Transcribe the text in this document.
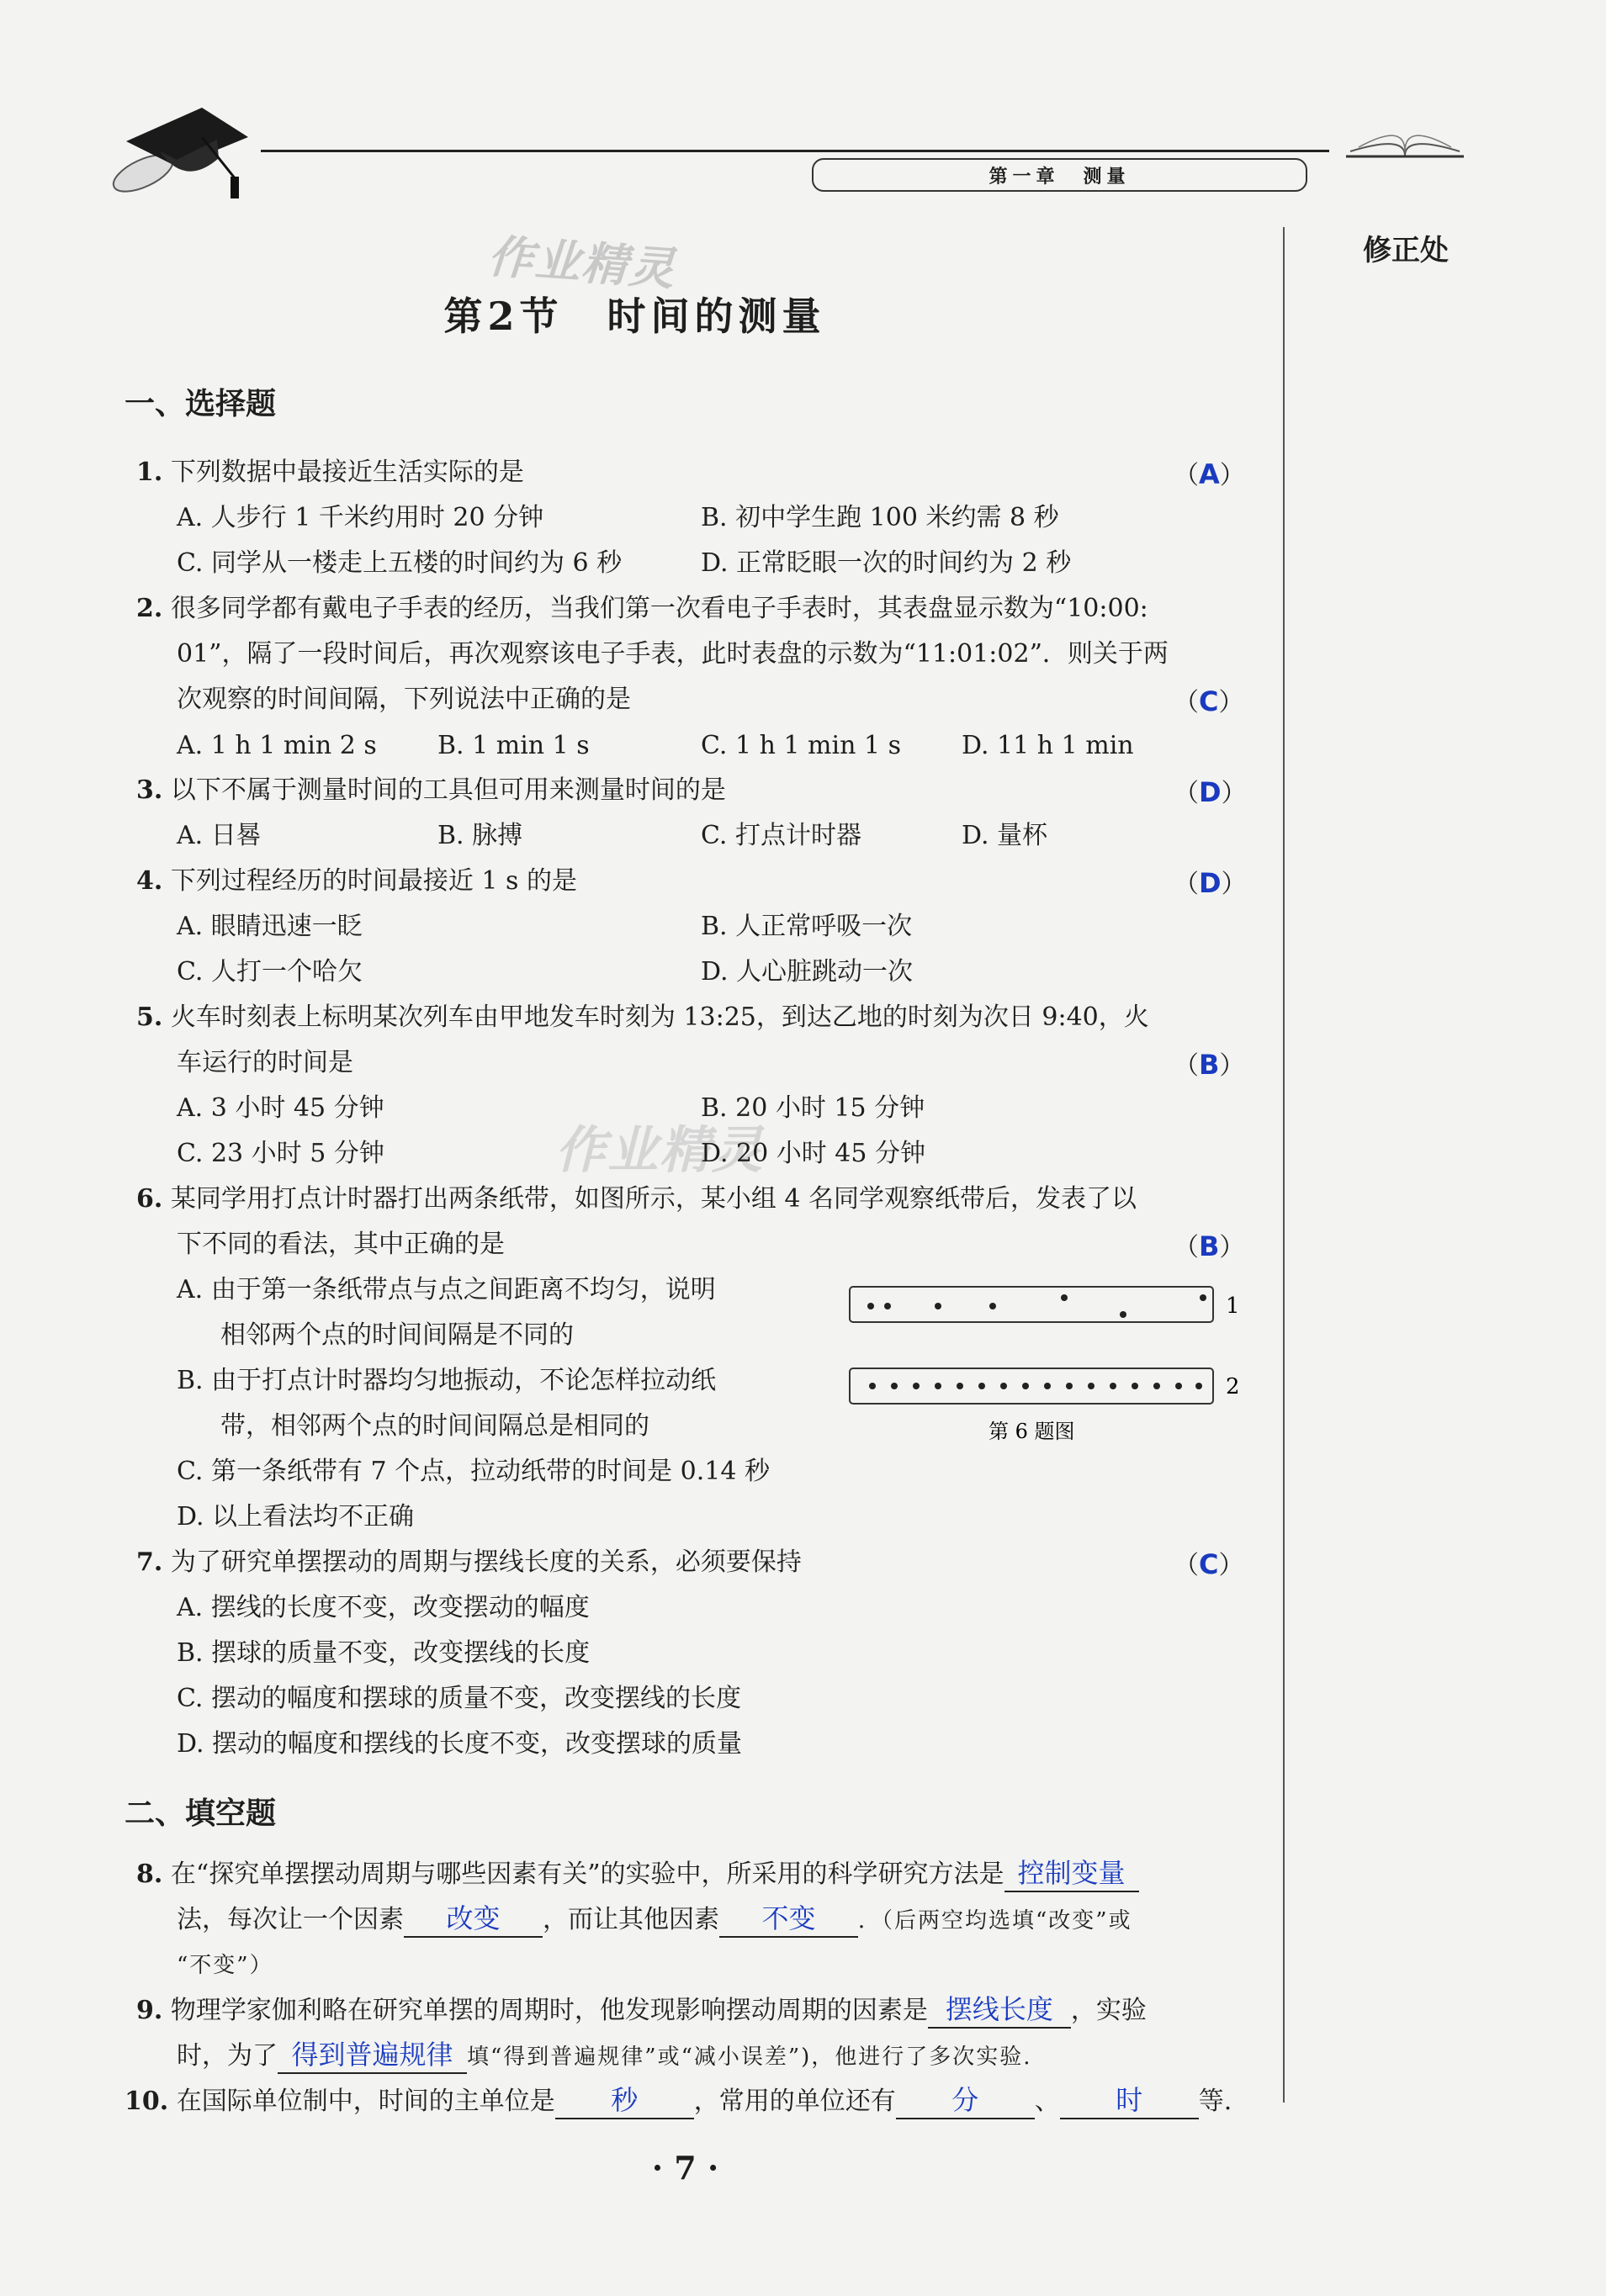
第一章　测量
修正处
作业精灵
作业精灵
第2节　时间的测量
一、选择题
1. 下列数据中最接近生活实际的是	（A）
A. 人步行 1 千米约用时 20 分钟	B. 初中学生跑 100 米约需 8 秒
C. 同学从一楼走上五楼的时间约为 6 秒	D. 正常眨眼一次的时间约为 2 秒
2. 很多同学都有戴电子手表的经历，当我们第一次看电子手表时，其表盘显示数为“10:00:
01”，隔了一段时间后，再次观察该电子手表，此时表盘的示数为“11:01:02”．则关于两
次观察的时间间隔，下列说法中正确的是	（C）
A. 1 h 1 min 2 s B. 1 min 1 s	C. 1 h 1 min 1 s D. 11 h 1 min
3. 以下不属于测量时间的工具但可用来测量时间的是	（D）
A. 日晷	B. 脉搏	C. 打点计时器	D. 量杯
4. 下列过程经历的时间最接近 1 s 的是	（D）
A. 眼睛迅速一眨	B. 人正常呼吸一次
C. 人打一个哈欠	D. 人心脏跳动一次
5. 火车时刻表上标明某次列车由甲地发车时刻为 13:25，到达乙地的时刻为次日 9:40，火
车运行的时间是	（B）
A. 3 小时 45 分钟	B. 20 小时 15 分钟
C. 23 小时 5 分钟	D. 20 小时 45 分钟
6. 某同学用打点计时器打出两条纸带，如图所示，某小组 4 名同学观察纸带后，发表了以
下不同的看法，其中正确的是	（B）
A. 由于第一条纸带点与点之间距离不均匀，说明
相邻两个点的时间间隔是不同的
B. 由于打点计时器均匀地振动，不论怎样拉动纸
带，相邻两个点的时间间隔总是相同的
C. 第一条纸带有 7 个点，拉动纸带的时间是 0.14 秒
D. 以上看法均不正确
1
2
第 6 题图
7. 为了研究单摆摆动的周期与摆线长度的关系，必须要保持	（C）
A. 摆线的长度不变，改变摆动的幅度
B. 摆球的质量不变，改变摆线的长度
C. 摆动的幅度和摆球的质量不变，改变摆线的长度
D. 摆动的幅度和摆线的长度不变，改变摆球的质量
二、填空题
8. 在“探究单摆摆动周期与哪些因素有关”的实验中，所采用的科学研究方法是 控制变量
法，每次让一个因素 改变 ，而让其他因素 不变 ．（后两空均选填“改变”或
“不变”）
9. 物理学家伽利略在研究单摆的周期时，他发现影响摆动周期的因素是 摆线长度 ，实验
时，为了 得到普遍规律 填“得到普遍规律”或“减小误差”)，他进行了多次实验.
10. 在国际单位制中，时间的主单位是 秒 ，常用的单位还有 分 、 时 等.
· 7 ·
